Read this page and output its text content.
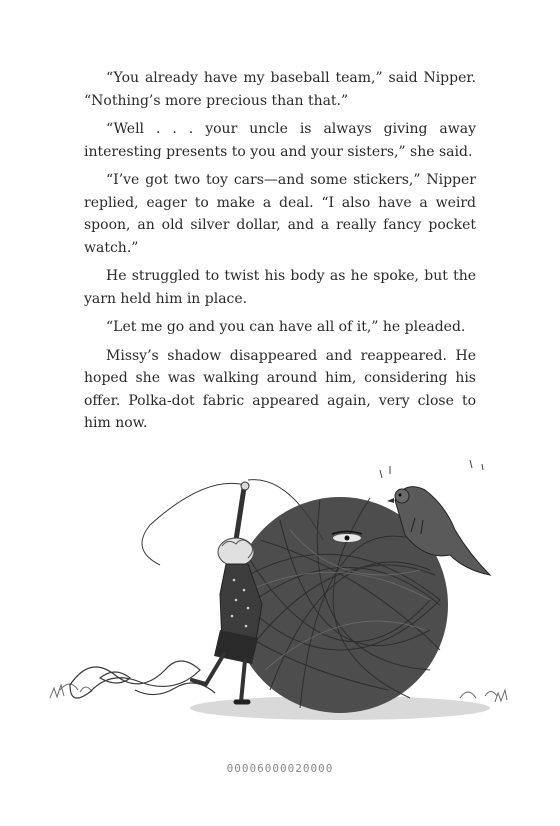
“You already have my baseball team,” said Nipper. “Nothing’s more precious than that.”

“Well . . . your uncle is always giving away interesting presents to you and your sisters,” she said.

“I’ve got two toy cars—and some stickers,” Nipper replied, eager to make a deal. “I also have a weird spoon, an old silver dollar, and a really fancy pocket watch.”

He struggled to twist his body as he spoke, but the yarn held him in place.

“Let me go and you can have all of it,” he pleaded.

Missy’s shadow disappeared and reappeared. He hoped she was walking around him, considering his offer. Polka-dot fabric appeared again, very close to him now.

00006000020000
